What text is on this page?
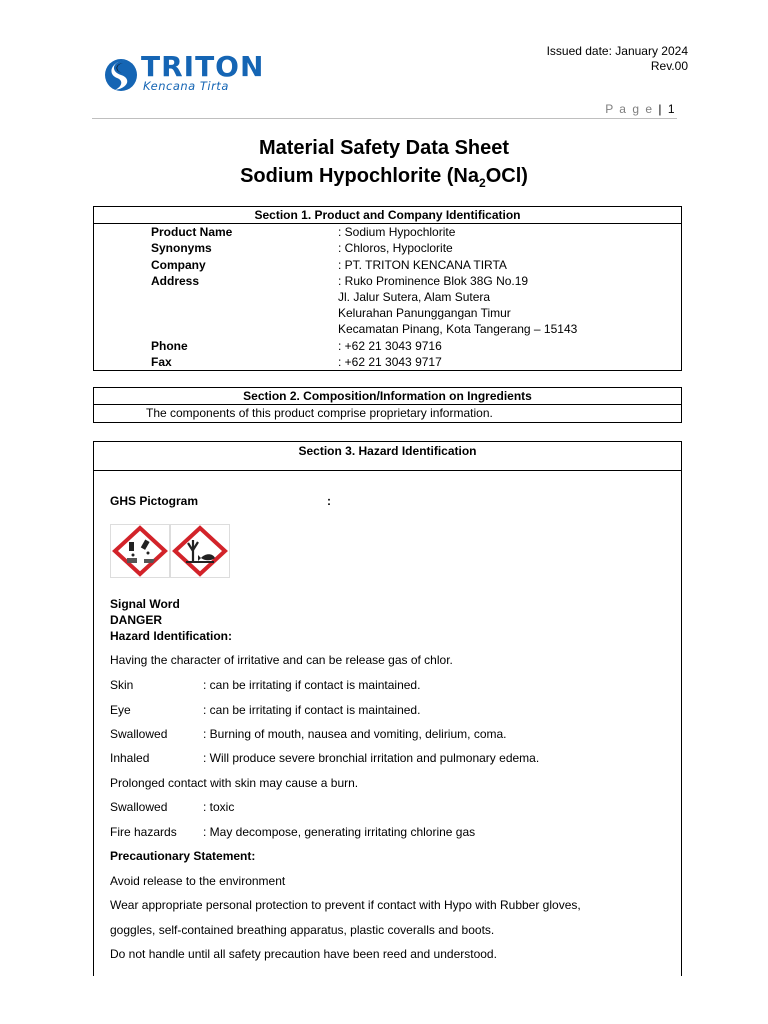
TRITON
Kencana Tirta
Issued date: January 2024
Rev.00
P a g e | 1
Material Safety Data Sheet
Sodium Hypochlorite $(Na_2OCl)$
Section 1. Product and Company Identification
Product Name	: Sodium Hypochlorite
Synonyms	: Chloros, Hypoclorite
Company	: PT. TRITON KENCANA TIRTA
Address	: Ruko Prominence Blok 38G No.19
Jl. Jalur Sutera, Alam Sutera
Kelurahan Panunggangan Timur
Kecamatan Pinang, Kota Tangerang – 15143
Phone	: +62 21 3043 9716
Fax	: +62 21 3043 9717
Section 2. Composition/Information on Ingredients
The components of this product comprise proprietary information.
Section 3. Hazard Identification
GHS Pictogram	:
Signal Word
DANGER
Hazard Identification:
Having the character of irritative and can be release gas of chlor.
Skin	: can be irritating if contact is maintained.
Eye	: can be irritating if contact is maintained.
Swallowed	: Burning of mouth, nausea and vomiting, delirium, coma.
Inhaled	: Will produce severe bronchial irritation and pulmonary edema.
Prolonged contact with skin may cause a burn.
Swallowed	: toxic
Fire hazards : May decompose, generating irritating chlorine gas
Precautionary Statement:
Avoid release to the environment
Wear appropriate personal protection to prevent if contact with Hypo with Rubber gloves,
goggles, self-contained breathing apparatus, plastic coveralls and boots.
Do not handle until all safety precaution have been reed and understood.
